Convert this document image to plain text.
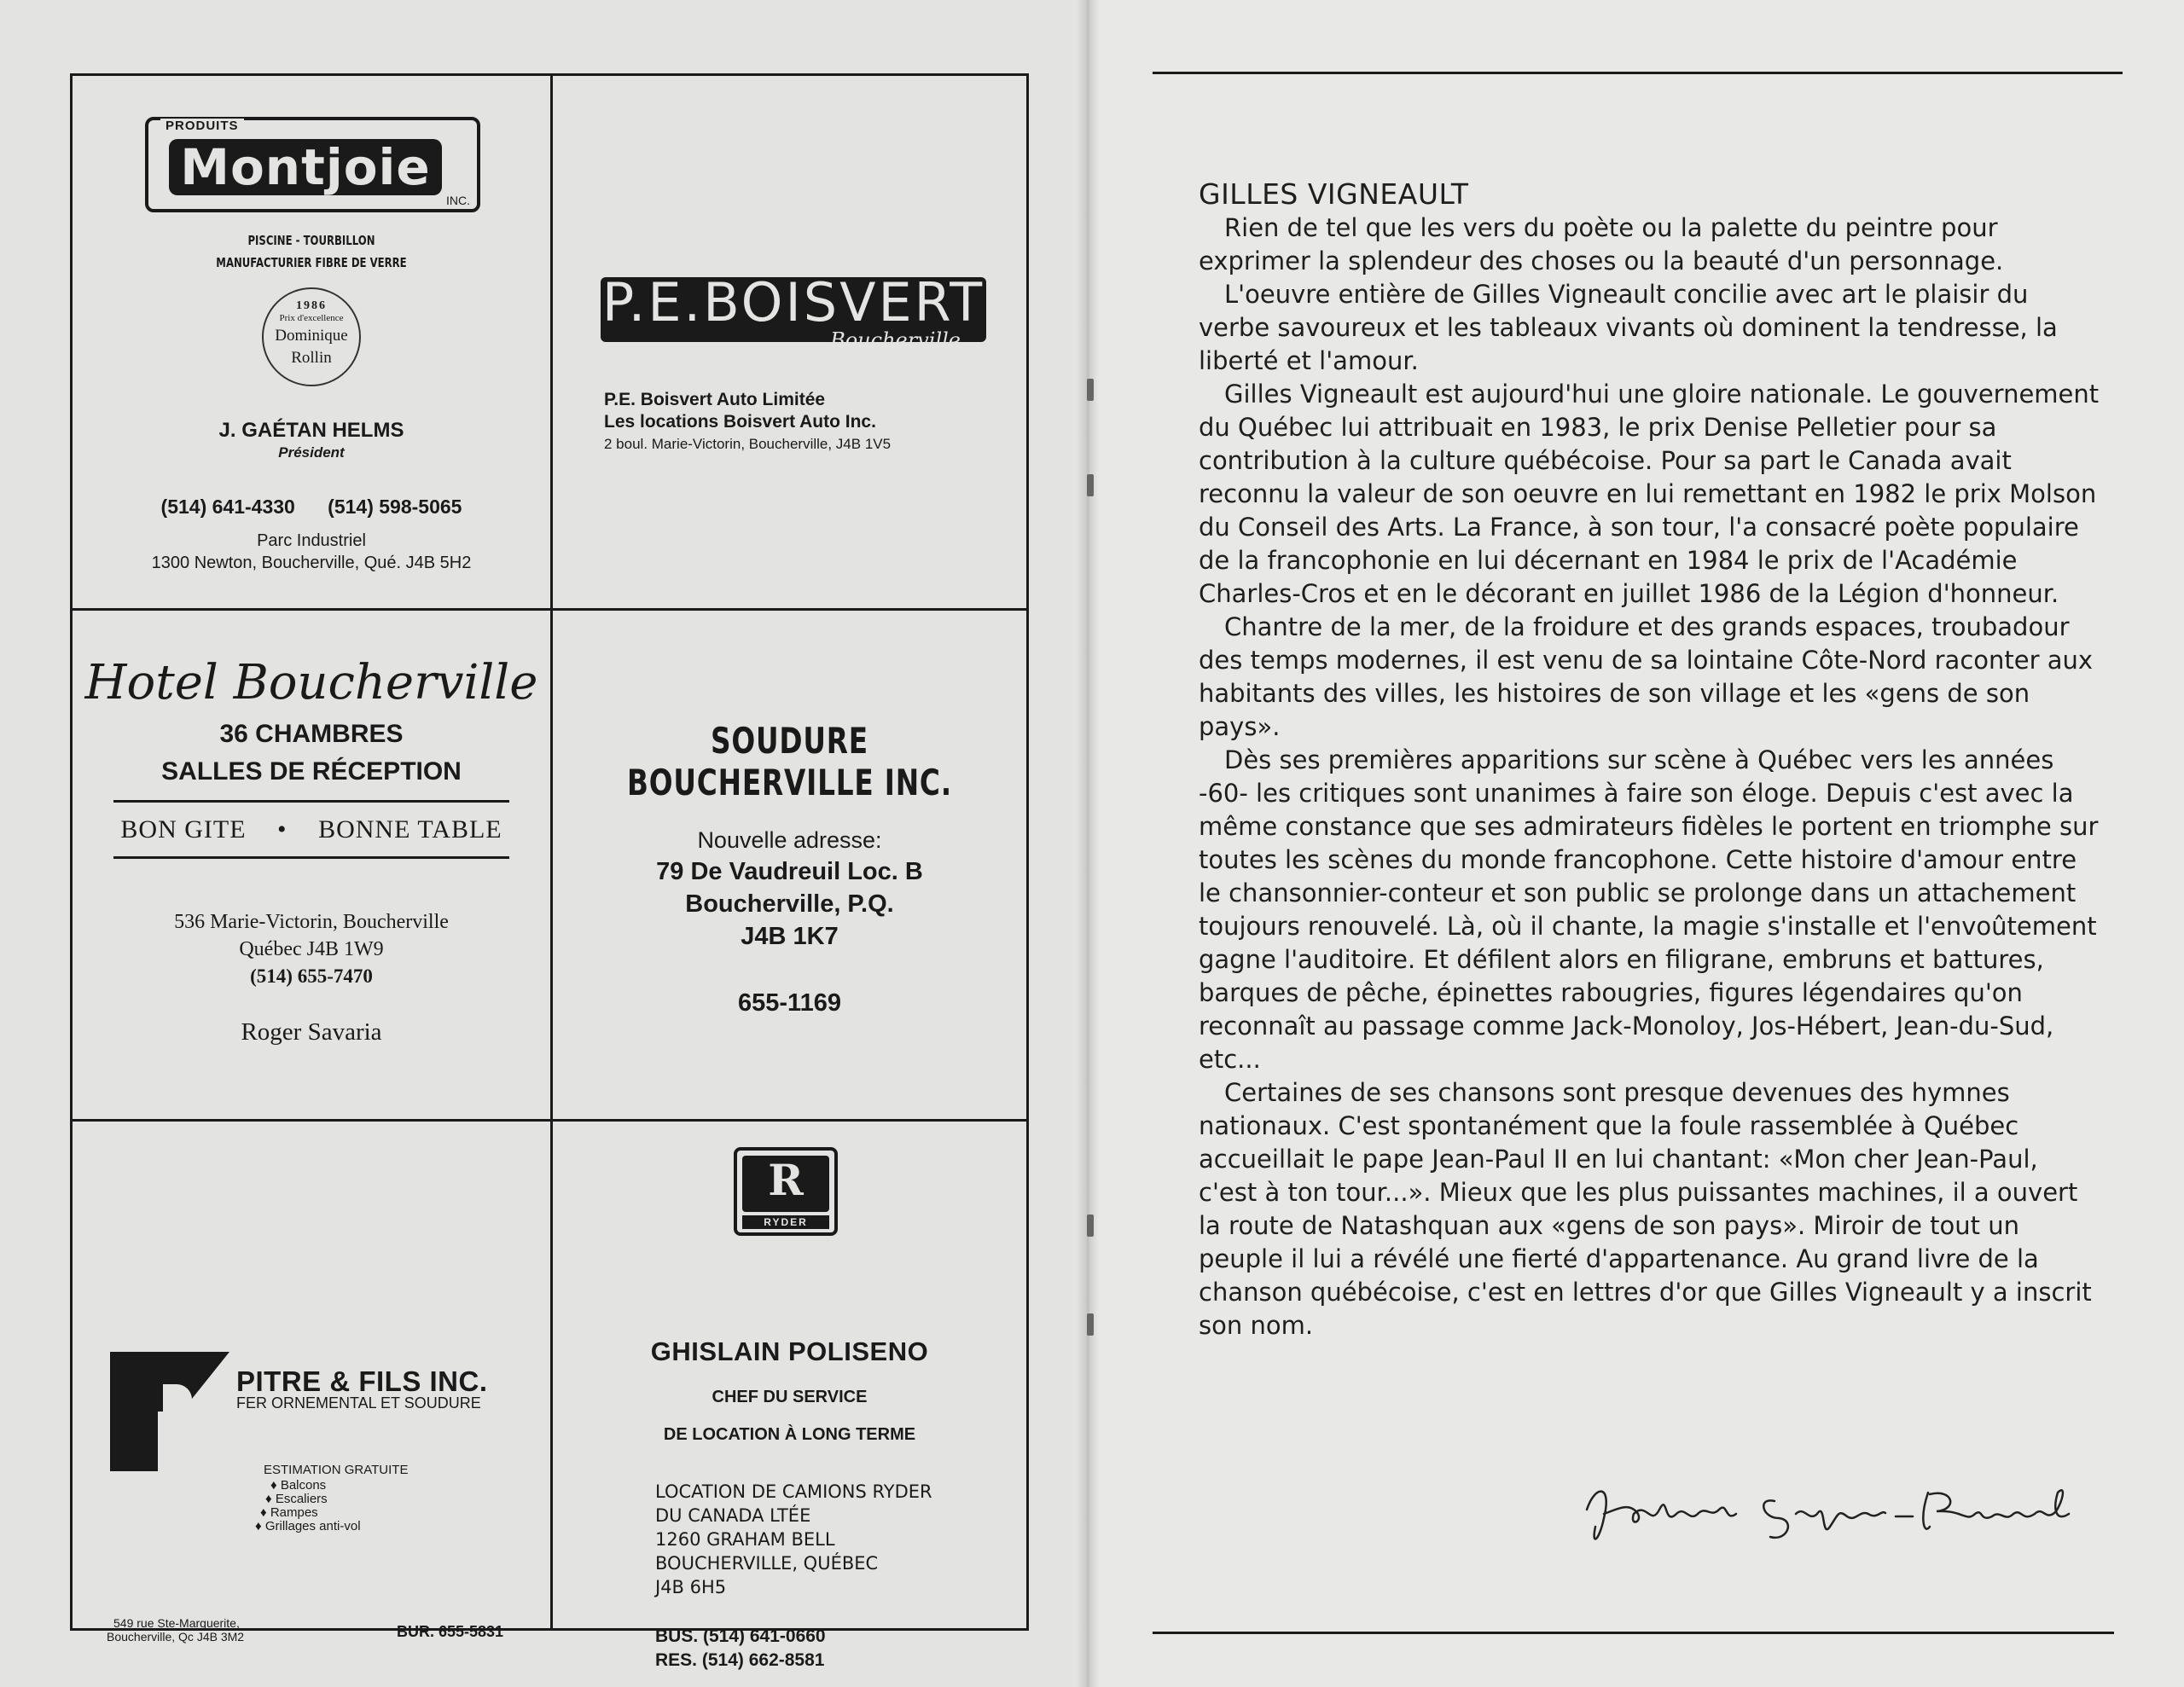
PRODUITS
Montjoie
INC.
PISCINE - TOURBILLON
MANUFACTURIER FIBRE DE VERRE
1986
Prix d'excellence
Dominique
Rollin
J. GAÉTAN HELMS
Président
(514) 641-4330      (514) 598-5065
Parc Industriel
1300 Newton, Boucherville, Qué. J4B 5H2
P.E.BOISVERT
Boucherville
P.E. Boisvert Auto Limitée
Les locations Boisvert Auto Inc.
2 boul. Marie-Victorin, Boucherville, J4B 1V5
Hotel Boucherville
36 CHAMBRES
SALLES DE RÉCEPTION
BON GITE • BONNE TABLE
536 Marie-Victorin, Boucherville
Québec J4B 1W9
(514) 655-7470
Roger Savaria
SOUDURE BOUCHERVILLE INC.
Nouvelle adresse:
79 De Vaudreuil Loc. B
Boucherville, P.Q.
J4B 1K7
655-1169
PITRE & FILS INC.
FER ORNEMENTAL ET SOUDURE
ESTIMATION GRATUITE
♦ Balcons
♦ Escaliers
♦ Rampes
♦ Grillages anti-vol
549 rue Ste-Marguerite,
Boucherville, Qc J4B 3M2	BUR. 655-5831
R
RYDER
GHISLAIN POLISENO
CHEF DU SERVICE
DE LOCATION À LONG TERME
LOCATION DE CAMIONS RYDER
DU CANADA LTÉE
1260 GRAHAM BELL
BOUCHERVILLE, QUÉBEC
J4B 6H5
BUS. (514) 641-0660
RES. (514) 662-8581
GILLES VIGNEAULT

Rien de tel que les vers du poète ou la palette du peintre pour exprimer la splendeur des choses ou la beauté d'un personnage.

L'oeuvre entière de Gilles Vigneault concilie avec art le plaisir du verbe savoureux et les tableaux vivants où dominent la tendresse, la liberté et l'amour.

Gilles Vigneault est aujourd'hui une gloire nationale. Le gouvernement du Québec lui attribuait en 1983, le prix Denise Pelletier pour sa contribution à la culture québécoise. Pour sa part le Canada avait reconnu la valeur de son oeuvre en lui remettant en 1982 le prix Molson du Conseil des Arts. La France, à son tour, l'a consacré poète populaire de la francophonie en lui décernant en 1984 le prix de l'Académie Charles-Cros et en le décorant en juillet 1986 de la Légion d'honneur.

Chantre de la mer, de la froidure et des grands espaces, troubadour des temps modernes, il est venu de sa lointaine Côte-Nord raconter aux habitants des villes, les histoires de son village et les «gens de son pays».

Dès ses premières apparitions sur scène à Québec vers les années -60- les critiques sont unanimes à faire son éloge. Depuis c'est avec la même constance que ses admirateurs fidèles le portent en triomphe sur toutes les scènes du monde francophone. Cette histoire d'amour entre le chansonnier-conteur et son public se prolonge dans un attachement toujours renouvelé. Là, où il chante, la magie s'installe et l'envoûtement gagne l'auditoire. Et défilent alors en filigrane, embruns et battures, barques de pêche, épinettes rabougries, figures légendaires qu'on reconnaît au passage comme Jack-Monoloy, Jos-Hébert, Jean-du-Sud, etc...

Certaines de ses chansons sont presque devenues des hymnes nationaux. C'est spontanément que la foule rassemblée à Québec accueillait le pape Jean-Paul II en lui chantant: «Mon cher Jean-Paul, c'est à ton tour...». Mieux que les plus puissantes machines, il a ouvert la route de Natashquan aux «gens de son pays». Miroir de tout un peuple il lui a révélé une fierté d'appartenance. Au grand livre de la chanson québécoise, c'est en lettres d'or que Gilles Vigneault y a inscrit son nom.
